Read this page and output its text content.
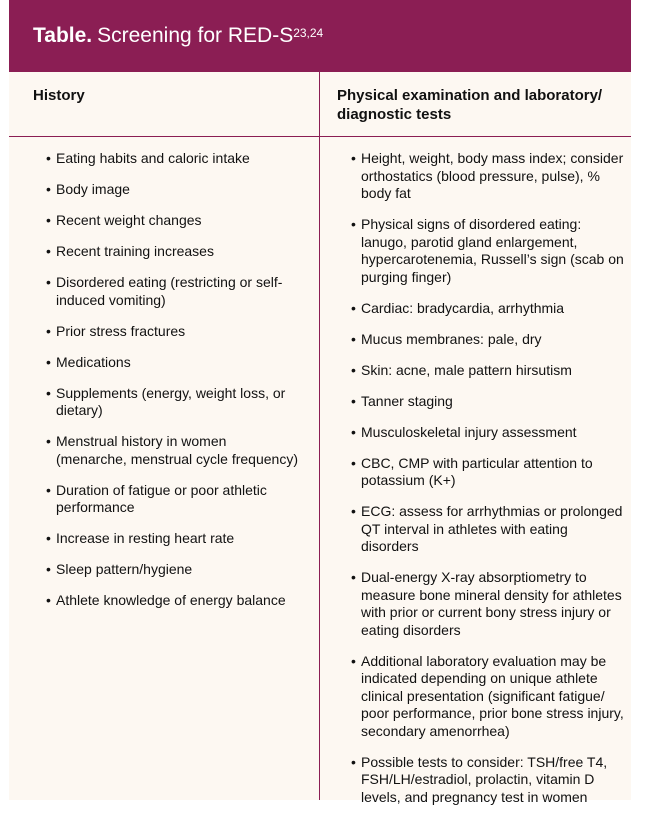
Table. Screening for RED-$S^{23,24}$
History	Physical examination and laboratory/ diagnostic tests
• Eating habits and caloric intake
• Body image
• Recent weight changes
• Recent training increases
• Disordered eating (restricting or self-induced vomiting)
• Prior stress fractures
• Medications
• Supplements (energy, weight loss, or dietary)
• Menstrual history in women (menarche, menstrual cycle frequency)
• Duration of fatigue or poor athletic performance
• Increase in resting heart rate
• Sleep pattern/hygiene
• Athlete knowledge of energy balance
• Height, weight, body mass index; consider orthostatics (blood pressure, pulse), % body fat
• Physical signs of disordered eating: lanugo, parotid gland enlargement, hypercarotenemia, Russell’s sign (scab on purging finger)
• Cardiac: bradycardia, arrhythmia
• Mucus membranes: pale, dry
• Skin: acne, male pattern hirsutism
• Tanner staging
• Musculoskeletal injury assessment
• CBC, CMP with particular attention to potassium (K+)
• ECG: assess for arrhythmias or prolonged QT interval in athletes with eating disorders
• Dual-energy X-ray absorptiometry to measure bone mineral density for athletes with prior or current bony stress injury or eating disorders
• Additional laboratory evaluation may be indicated depending on unique athlete clinical presentation (significant fatigue/ poor performance, prior bone stress injury, secondary amenorrhea)
• Possible tests to consider: TSH/free T4, FSH/LH/estradiol, prolactin, vitamin D levels, and pregnancy test in women
